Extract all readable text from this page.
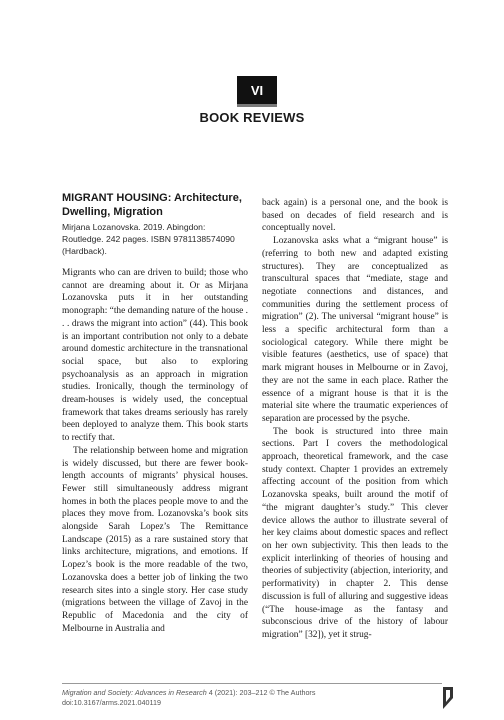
VI
BOOK REVIEWS
MIGRANT HOUSING: Architecture, Dwelling, Migration
Mirjana Lozanovska. 2019. Abingdon: Routledge. 242 pages. ISBN 9781138574090 (Hardback).

Migrants who can are driven to build; those who cannot are dreaming about it. Or as Mirjana Lozanovska puts it in her outstanding monograph: “the demanding nature of the house . . . draws the migrant into action” (44). This book is an important contribution not only to a debate around domestic architecture in the transnational social space, but also to exploring psychoanalysis as an approach in migration studies. Ironically, though the terminology of dream-houses is widely used, the conceptual framework that takes dreams seriously has rarely been deployed to analyze them. This book starts to rectify that.

The relationship between home and migration is widely discussed, but there are fewer book-length accounts of migrants’ physical houses. Fewer still simultaneously address migrant homes in both the places people move to and the places they move from. Lozanovska’s book sits alongside Sarah Lopez’s The Remittance Landscape (2015) as a rare sustained story that links architecture, migrations, and emotions. If Lopez’s book is the more readable of the two, Lozanovska does a better job of linking the two research sites into a single story. Her case study (migrations between the village of Zavoj in the Republic of Macedonia and the city of Melbourne in Australia and

back again) is a personal one, and the book is based on decades of field research and is conceptually novel.

Lozanovska asks what a “migrant house” is (referring to both new and adapted existing structures). They are conceptualized as transcultural spaces that “mediate, stage and negotiate connections and distances, and communities during the settlement process of migration” (2). The universal “migrant house” is less a specific architectural form than a sociological category. While there might be visible features (aesthetics, use of space) that mark migrant houses in Melbourne or in Zavoj, they are not the same in each place. Rather the essence of a migrant house is that it is the material site where the traumatic experiences of separation are processed by the psyche.

The book is structured into three main sections. Part I covers the methodological approach, theoretical framework, and the case study context. Chapter 1 provides an extremely affecting account of the position from which Lozanovska speaks, built around the motif of “the migrant daughter’s study.” This clever device allows the author to illustrate several of her key claims about domestic spaces and reflect on her own subjectivity. This then leads to the explicit interlinking of theories of housing and theories of subjectivity (abjection, interiority, and performativity) in chapter 2. This dense discussion is full of alluring and suggestive ideas (“The house-image as the fantasy and subconscious drive of the history of labour migration” [32]), yet it strug-

Migration and Society: Advances in Research 4 (2021): 203–212 © The Authors
doi:10.3167/arms.2021.040119
